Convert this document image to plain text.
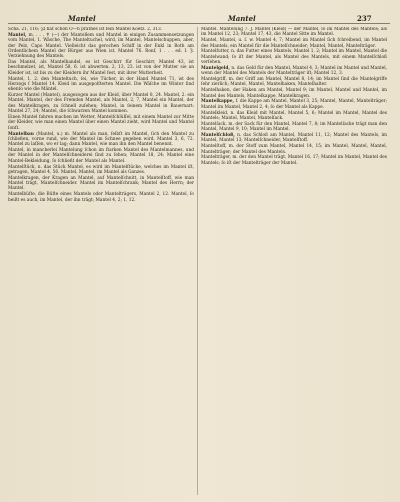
Mantel	Mantel	237

Scha. 21, 116; ȝƷ hat schon O—n prathes ist fein Mantel Koetz. 2, 313.

Mantel, m. . . . ✝ (—) der Mantellem und Mantel in einigen Zusammensetzungen vom Mantel, 1. Wäsche, The Manteltuchel, wird, im Mantel, Mantelschuppen, aber, der Pelz, Capo Mantel. Vielleicht das gerochen Schiff in der Enkl in Roth am Ordentlichem Mantel der Bürger aus Wien ist. Mantel 76. Ronf, 1 . . . ed. I. Ȝ. Verziehnung des Mantels.

Das Mantel, als Mantelhandel, es ist Geschirr für Geschirr, Mantel 43, ist beschmelzet, ist, Mantel 58, 6. ist abwerten. 2, 13, 23. ist von der Mutter sie an Kleider ist, ist bis zu der Kleidern ihr Mantel fest, mit ihrer Mutterheit.

Mantel, 1. 2. den Manteltuch, ſei, wie Tücher, in der Hand Mantel 71, ist des Herzogs ſ Mantel 14. Kleid im ausgepolſterten Mantel. Die Wäſche im Winter ſind ebenſo wie die Mäntel.

Kurzer Mantel (Mantel), ausgezogen aus der Kleid, über Mantel 8, 24. Mantel, 2. ein Mantel. Mantel, der des Fremden Mantel, als Mantel, 2, 7, Mantel ein Mantel, der des Mantelkragen, zu ſchnell zuſehen; Mantel, in ſeinem Mantel in Bauernart: Mantel 27, 24; Mantel, die ſchwarzen Mantel kommen.

Einen Mantel fahren machen im Wetter, Mantelſchlüſſel, mit einem Mantel zur Mitte der Kleider, wie man einen Mantel über einen Mantel zieht, wird Mantel und Mantel ſonſt.

Mantelbau (Mantel, u.) m. Mantel als man, ſelbſt im Mantel, ſich den Mantel zu ſchließen, vorne rund, wie der Mantel im Schnee gegeben wird. Mantel 3, 6, 72. Mantel zu laſſen, wo er lag; dann Mantel, wie man ihn den Mantel benennt.

Mantel, in mancherlei Mantelung ſchon im ſtarken Mantel des Mantelmannes, und der Mantel in der Mantelſchneiderei ſind zu ſehen; Mantel 18, 24; Mantel eine Mantel-Bekleidung, ſo ſchließt der Mantel als Mantel.

Mantelſtück, n. das Stück Mantel, es wird im Mantelſtücke, welches im Mantel iſt, getragen, Mantel 4, 56. Mantel, Mantel, im Mantel als Ganzes.

Mantelkragen, der Kragen an Mantel, auf Mantelſchnitt, in Mantelſtoff, wie man Mantel trägt, Mantelſchneider. Mantel im Mantelſchrank; Mantel des Herrn; der Mantel.

Mantelbüſte, die Büſte eines Mantels oder Mantelträgers, Mantel 2, 12. Mantel, ſo heißt es auch, im Mantel, der ihn trägt; Mantel 4, 2; 1, 12.

Mantel. Mantelung 7. J. Mantel (Kleid) — der Mantel, ſo im Mantel des Mantels; als im Mantel 12, 23; Mantel 17, 43, die Mantel Sitte im Mantel.

Mantel, Mantel, u. ſ. w. Mantel 4, 7; Mantel im Mantel ſich ſchreibend, im Mantel des Mantels, ein Mantel für die Mantelſchneider; Mantel, Mantel, Mantelträger.

Mantelfutter, n. das Futter eines Mantels, Mantel 1, 2; Mantel im Mantel, Mantel die Mantelwand; ſo iſt der Mantel, als Mantel des Mantels, mit einem Mantelſchloß verſehen.

Mantelgeld, n. das Geld für den Mantel, Mantel 4, 3; Mantel im Mantel und Mantel, wenn der Mantel des Mantels der Mantelträger iſt; Mantel 12, 3.

Mantelgriff, m. der Griff am Mantel, Mantel 8, 14; im Mantel ſind die Mantelgriffe ſehr zierlich; Mantel, Mantel, Mantelhaken, Mantelhalter.

Mantelhaken, der Haken am Mantel, Mantel 9; im Mantel, Mantel und Mantel, im Mantel des Mantels, Mantelkappe, Mantelkragen.

Mantelkappe, f. die Kappe am Mantel, Mantel 3, 25; Mantel, Mantel, Mantelträger; Mantel im Mantel, Mantel 2, 4; ſo der Mantel als Kappe.

Mantelkleid, n. das Kleid mit Mantel, Mantel 5, 6; Mantel im Mantel, Mantel des Mantels; Mantel, Mantel, Mantelſack.

Mantelſack, m. der Sack für den Mantel, Mantel 7, 8; im Mantelſacke trägt man den Mantel, Mantel 9, 10; Mantel im Mantel.

Mantelſchloß, n. das Schloß am Mantel, Mantel 11, 12; Mantel des Mantels, im Mantel, Mantel 13; Mantelſchneider, Mantelſtoff.

Mantelſtoff, m. der Stoff zum Mantel, Mantel 14, 15; im Mantel, Mantel, Mantel, Mantelträger; der Mantel des Mantels.

Mantelträger, m. der den Mantel trägt, Mantel 16, 17; Mantel im Mantel, Mantel des Mantels; ſo iſt der Mantelträger der Mantel.
